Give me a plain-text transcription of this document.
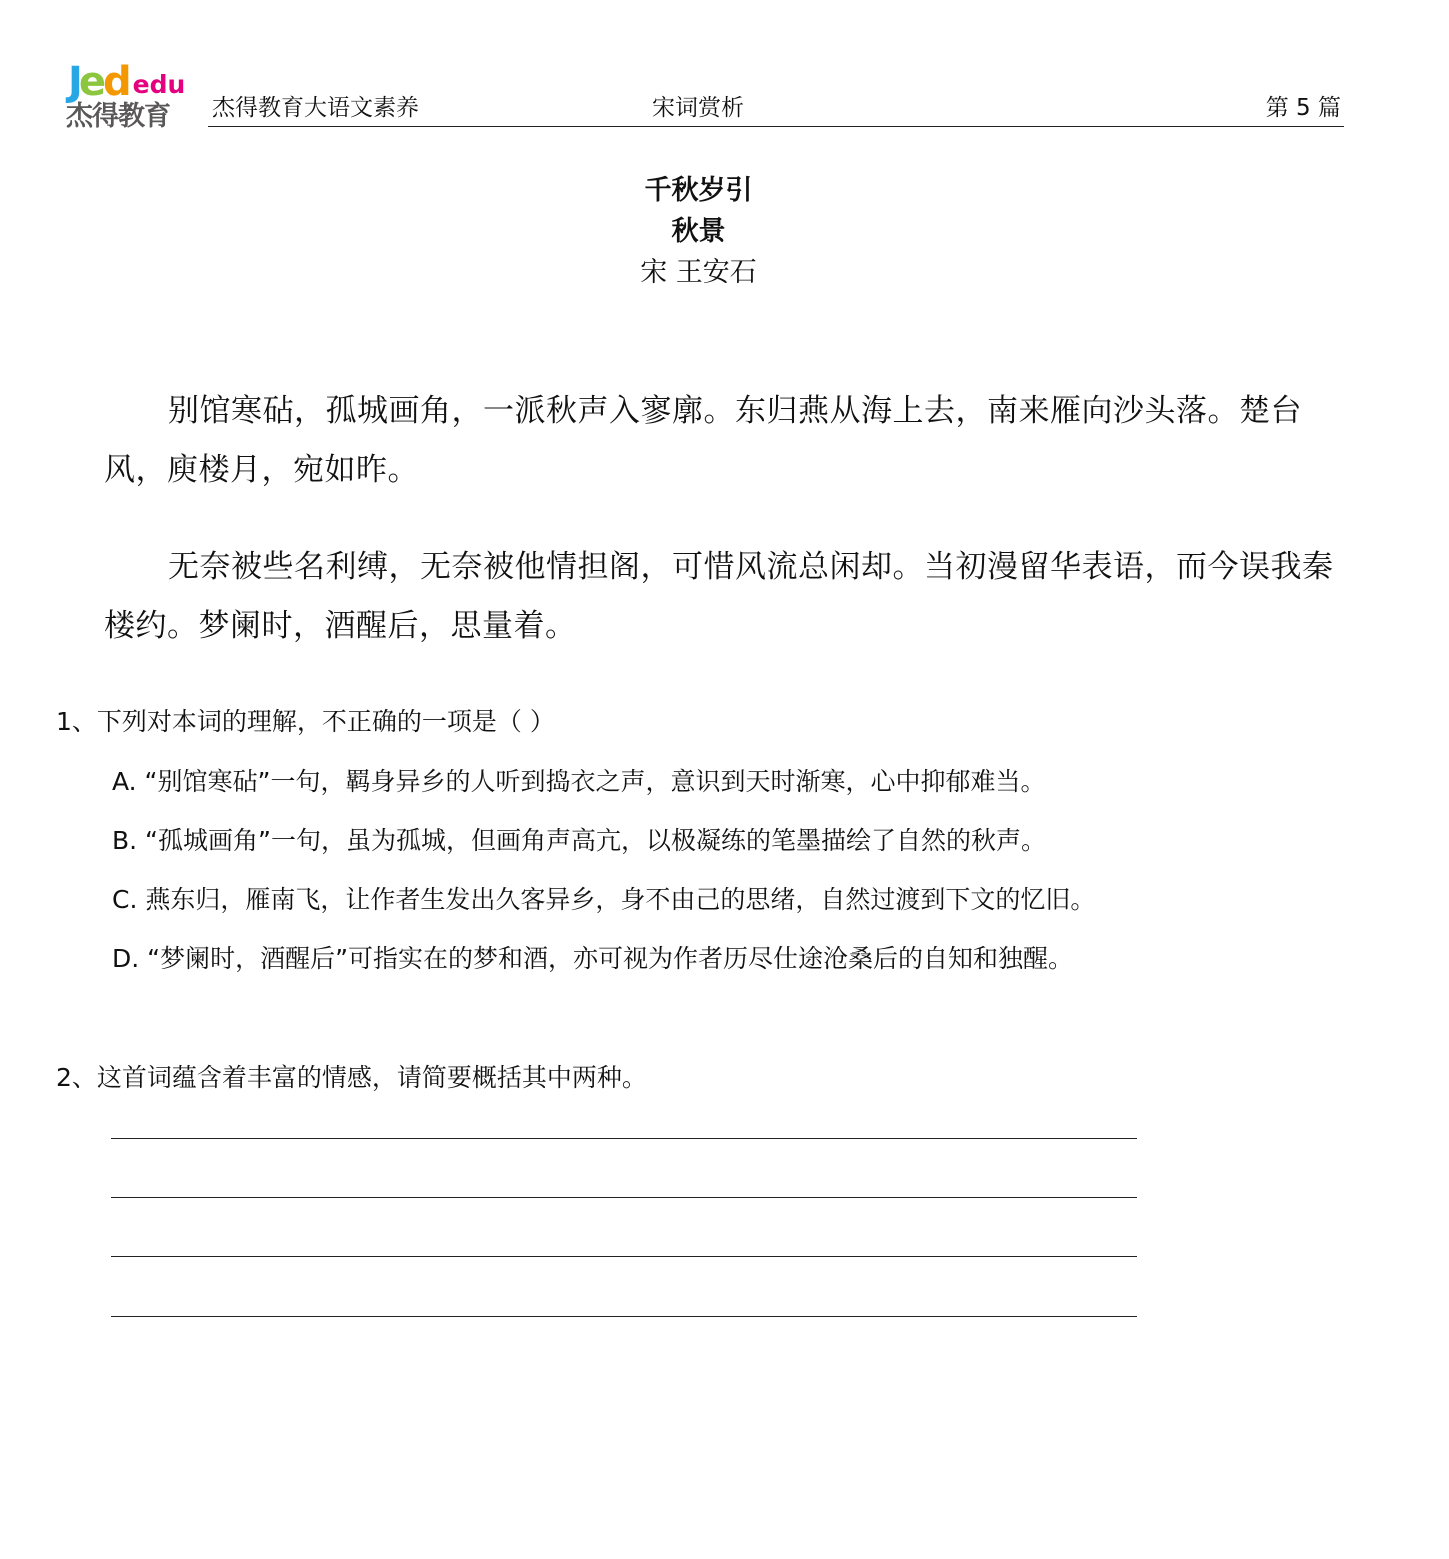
Jededu
杰得教育 杰得教育大语文素养	宋词赏析	第 5 篇
千秋岁引
秋景
宋 王安石
别馆寒砧，孤城画角，一派秋声入寥廓。东归燕从海上去，南来雁向沙头落。楚台风，庾楼月，宛如昨。
无奈被些名利缚，无奈被他情担阁，可惜风流总闲却。当初漫留华表语，而今误我秦楼约。梦阑时，酒醒后，思量着。
1、下列对本词的理解，不正确的一项是（ ）
A. “别馆寒砧”一句，羁身异乡的人听到捣衣之声，意识到天时渐寒，心中抑郁难当。
B. “孤城画角”一句，虽为孤城，但画角声高亢，以极凝练的笔墨描绘了自然的秋声。
C. 燕东归，雁南飞，让作者生发出久客异乡，身不由己的思绪，自然过渡到下文的忆旧。
D. “梦阑时，酒醒后”可指实在的梦和酒，亦可视为作者历尽仕途沧桑后的自知和独醒。
2、这首词蕴含着丰富的情感，请简要概括其中两种。
